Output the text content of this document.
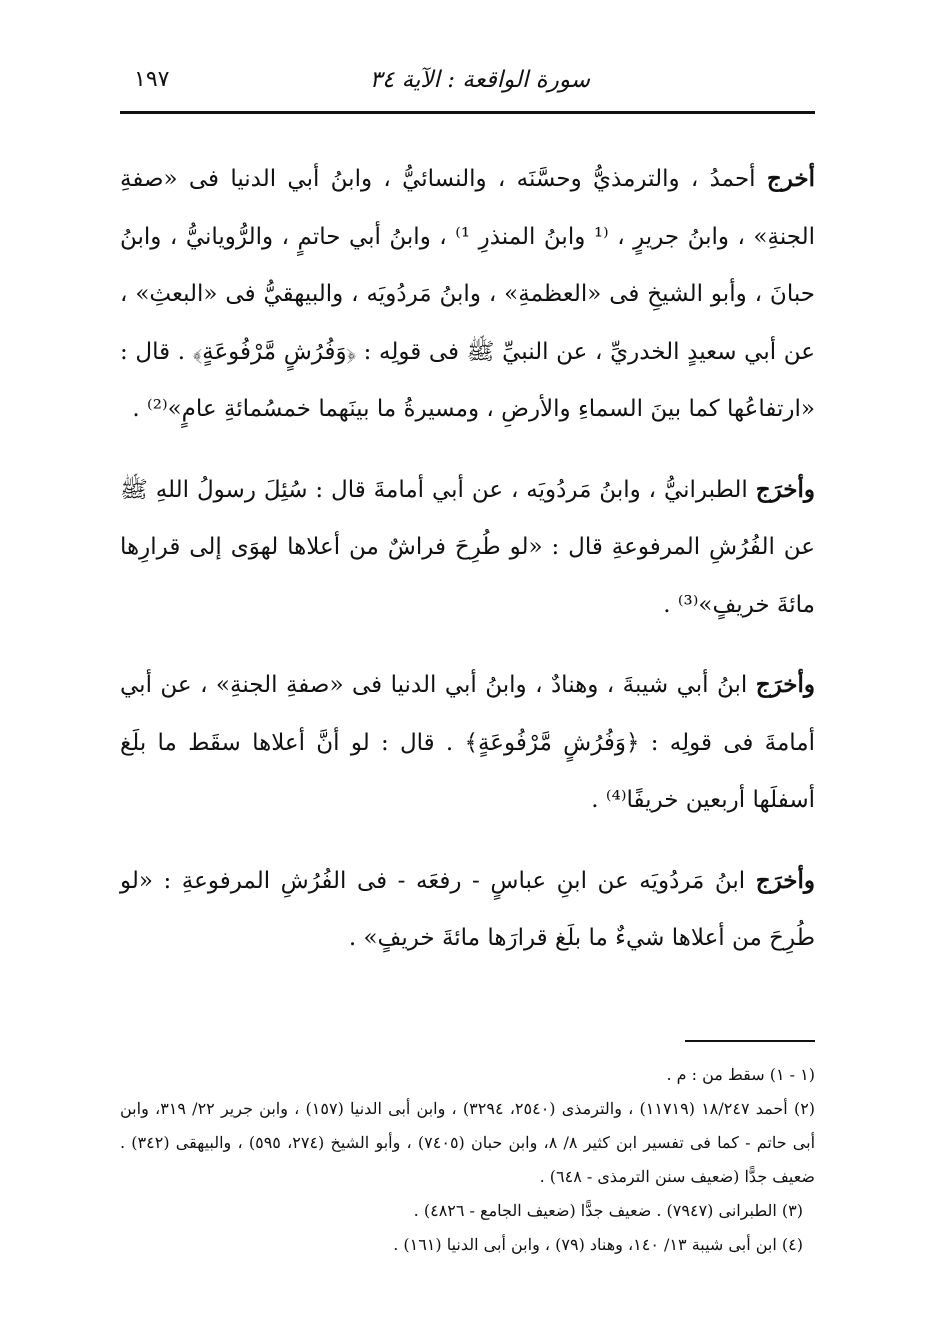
سورة الواقعة : الآية ٣٤
١٩٧

أخرج أحمدُ ، والترمذيُّ وحسَّنَه ، والنسائيُّ ، وابنُ أبي الدنيا فى «صفةِ الجنةِ» ، وابنُ جريرٍ ، ⁽¹ وابنُ المنذرِ ¹⁾ ، وابنُ أبي حاتمٍ ، والرُّويانيُّ ، وابنُ حبانَ ، وأبو الشيخِ فى «العظمةِ» ، وابنُ مَردُويَه ، والبيهقيُّ فى «البعثِ» ، عن أبي سعيدٍ الخدريِّ ، عن النبيِّ ﷺ فى قولِه : ﴿وَفُرُشٍ مَّرْفُوعَةٍ﴾ . قال : «ارتفاعُها كما بينَ السماءِ والأرضِ ، ومسيرةُ ما بينَهما خمسُمائةِ عامٍ»⁽²⁾ .

وأخرَج الطبرانيُّ ، وابنُ مَردُويَه ، عن أبي أمامةَ قال : سُئِلَ رسولُ اللهِ ﷺ عن الفُرُشِ المرفوعةِ قال : «لو طُرِحَ فراشٌ من أعلاها لهوَى إلى قرارِها مائةَ خريفٍ»⁽³⁾ .

وأخرَج ابنُ أبي شيبةَ ، وهنادٌ ، وابنُ أبي الدنيا فى «صفةِ الجنةِ» ، عن أبي أمامةَ فى قولِه : ﴿وَفُرُشٍ مَّرْفُوعَةٍ﴾ . قال : لو أنَّ أعلاها سقَط ما بلَغ أسفلَها أربعين خريفًا⁽⁴⁾ .

وأخرَج ابنُ مَردُويَه عن ابنِ عباسٍ - رفعَه - فى الفُرُشِ المرفوعةِ : «لو طُرِحَ من أعلاها شيءٌ ما بلَغ قرارَها مائةَ خريفٍ» .

(١ - ١) سقط من : م .

(٢) أحمد ١٨/٢٤٧ (١١٧١٩) ، والترمذى (٢٥٤٠، ٣٢٩٤) ، وابن أبى الدنيا (١٥٧) ، وابن جرير ٢٢/ ٣١٩، وابن أبى حاتم - كما فى تفسير ابن كثير ٨/ ٨، وابن حبان (٧٤٠٥) ، وأبو الشيخ (٢٧٤، ٥٩٥) ، والبيهقى (٣٤٢) . ضعيف جدًّا (ضعيف سنن الترمذى - ٦٤٨) .

(٣) الطبرانى (٧٩٤٧) . ضعيف جدًّا (ضعيف الجامع - ٤٨٢٦) .

(٤) ابن أبى شيبة ١٣/ ١٤٠، وهناد (٧٩) ، وابن أبى الدنيا (١٦١) .
